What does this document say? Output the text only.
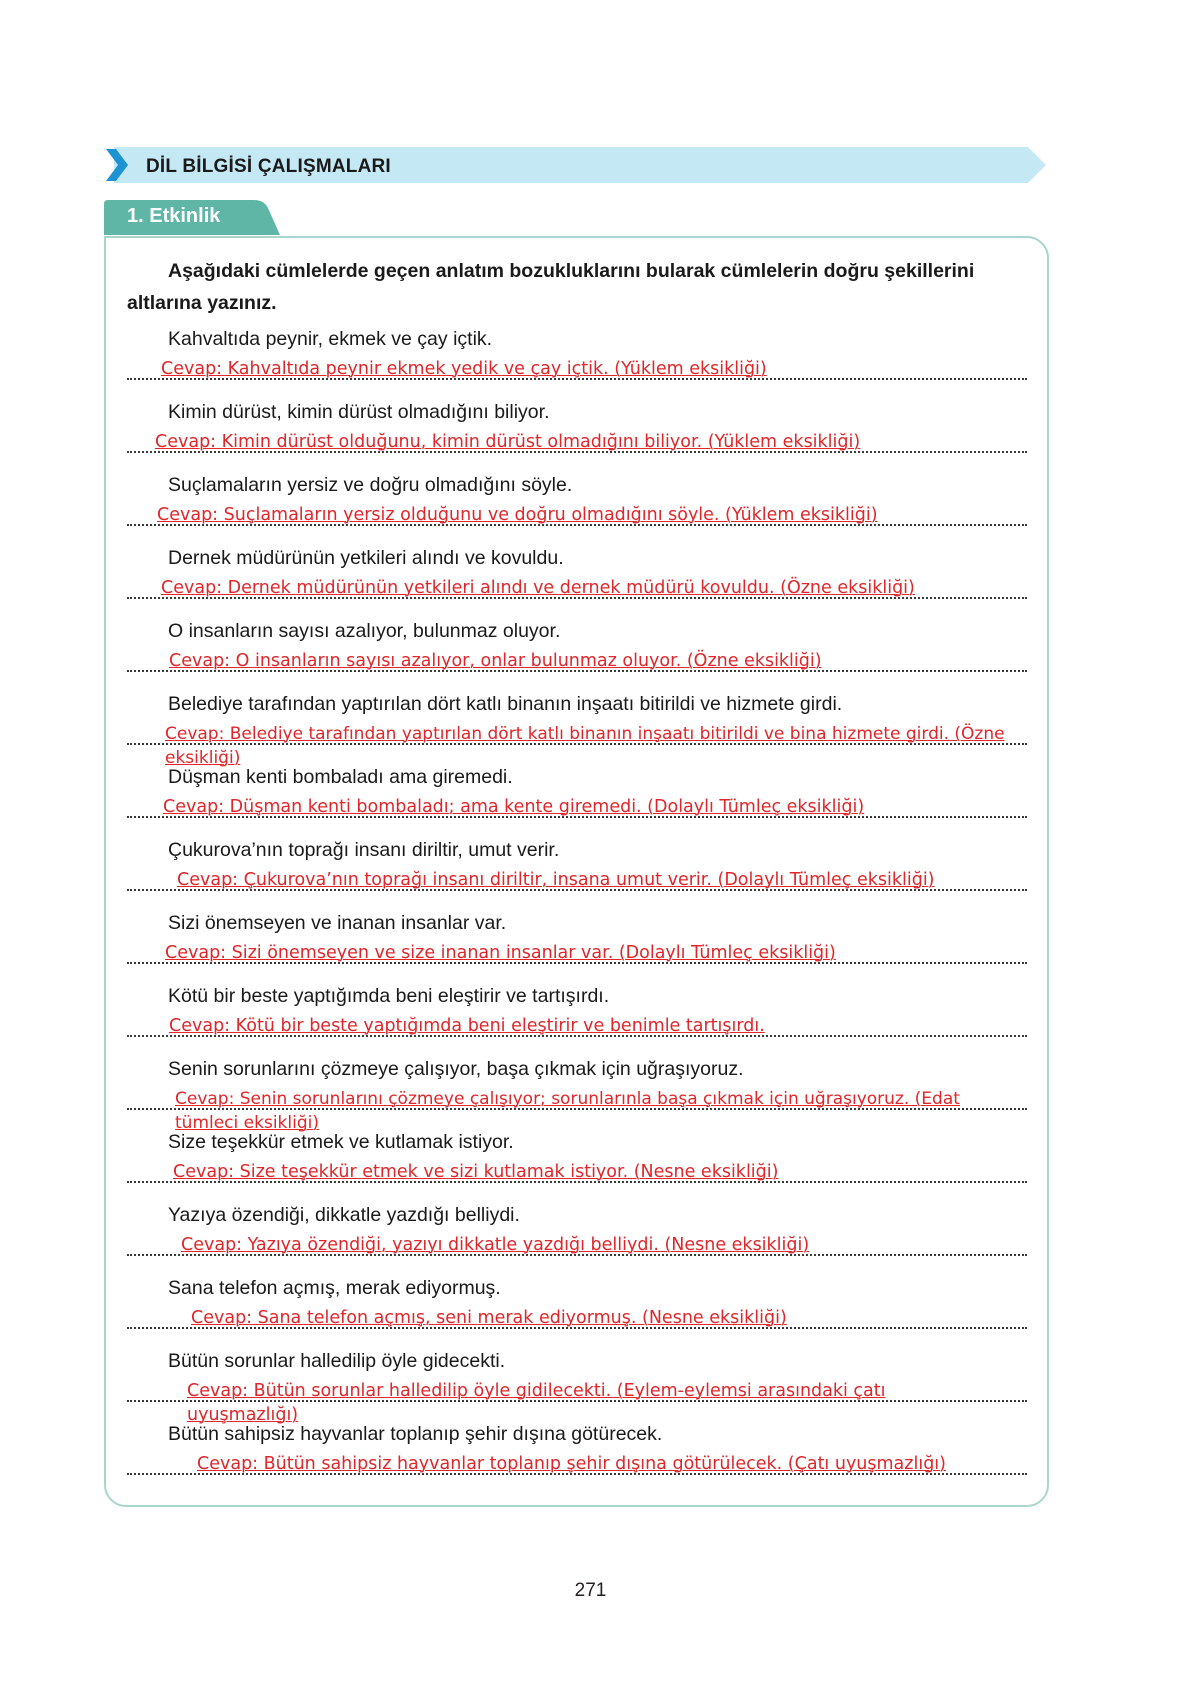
DİL BİLGİSİ ÇALIŞMALARI
1. Etkinlik
Aşağıdaki cümlelerde geçen anlatım bozukluklarını bularak cümlelerin doğru şekillerini altlarına yazınız.
Kahvaltıda peynir, ekmek ve çay içtik.
Cevap: Kahvaltıda peynir ekmek yedik ve çay içtik. (Yüklem eksikliği)
Kimin dürüst, kimin dürüst olmadığını biliyor.
Cevap: Kimin dürüst olduğunu, kimin dürüst olmadığını biliyor. (Yüklem eksikliği)
Suçlamaların yersiz ve doğru olmadığını söyle.
Cevap: Suçlamaların yersiz olduğunu ve doğru olmadığını söyle. (Yüklem eksikliği)
Dernek müdürünün yetkileri alındı ve kovuldu.
Cevap: Dernek müdürünün yetkileri alındı ve dernek müdürü kovuldu. (Özne eksikliği)
O insanların sayısı azalıyor, bulunmaz oluyor.
Cevap: O insanların sayısı azalıyor, onlar bulunmaz oluyor. (Özne eksikliği)
Belediye tarafından yaptırılan dört katlı binanın inşaatı bitirildi ve hizmete girdi.
Cevap: Belediye tarafından yaptırılan dört katlı binanın inşaatı bitirildi ve bina hizmete girdi. (Özne eksikliği)
Düşman kenti bombaladı ama giremedi.
Cevap: Düşman kenti bombaladı; ama kente giremedi. (Dolaylı Tümleç eksikliği)
Çukurova’nın toprağı insanı diriltir, umut verir.
Cevap: Çukurova’nın toprağı insanı diriltir, insana umut verir. (Dolaylı Tümleç eksikliği)
Sizi önemseyen ve inanan insanlar var.
Cevap: Sizi önemseyen ve size inanan insanlar var. (Dolaylı Tümleç eksikliği)
Kötü bir beste yaptığımda beni eleştirir ve tartışırdı.
Cevap: Kötü bir beste yaptığımda beni eleştirir ve benimle tartışırdı.
Senin sorunlarını çözmeye çalışıyor, başa çıkmak için uğraşıyoruz.
Cevap: Senin sorunlarını çözmeye çalışıyor; sorunlarınla başa çıkmak için uğraşıyoruz. (Edat tümleci eksikliği)
Size teşekkür etmek ve kutlamak istiyor.
Cevap: Size teşekkür etmek ve sizi kutlamak istiyor. (Nesne eksikliği)
Yazıya özendiği, dikkatle yazdığı belliydi.
Cevap: Yazıya özendiği, yazıyı dikkatle yazdığı belliydi. (Nesne eksikliği)
Sana telefon açmış, merak ediyormuş.
Cevap: Sana telefon açmış, seni merak ediyormuş. (Nesne eksikliği)
Bütün sorunlar halledilip öyle gidecekti.
Cevap: Bütün sorunlar halledilip öyle gidilecekti. (Eylem-eylemsi arasındaki çatı uyuşmazlığı)
Bütün sahipsiz hayvanlar toplanıp şehir dışına götürecek.
Cevap: Bütün sahipsiz hayvanlar toplanıp şehir dışına götürülecek. (Çatı uyuşmazlığı)
271
